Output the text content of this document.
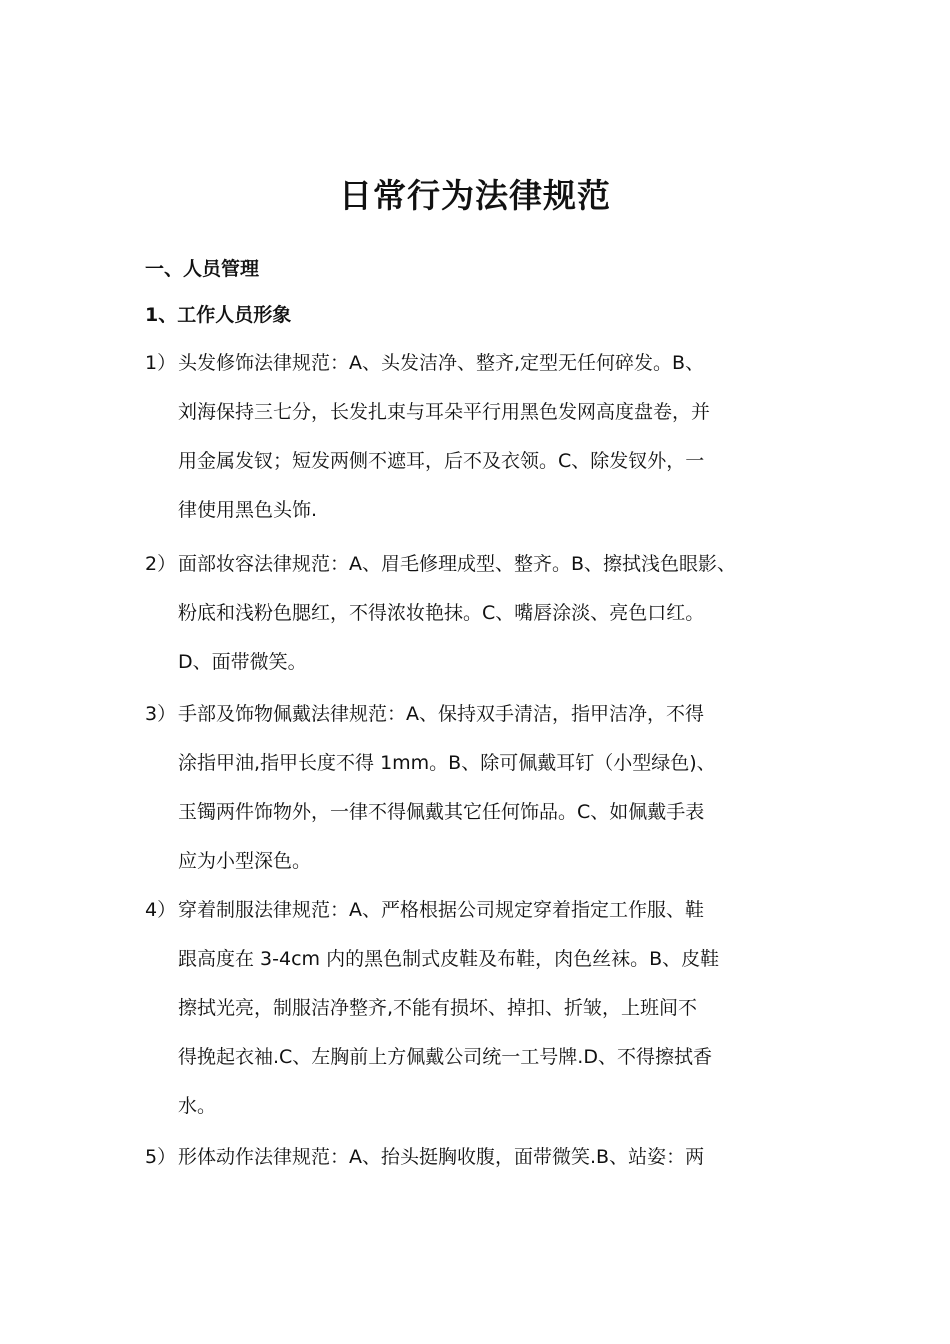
日常行为法律规范

一、人员管理

1、工作人员形象

1） 头发修饰法律规范：A、头发洁净、整齐,定型无任何碎发。B、
刘海保持三七分，长发扎束与耳朵平行用黑色发网高度盘卷，并
用金属发钗；短发两侧不遮耳，后不及衣领。C、除发钗外，一
律使用黑色头饰.
2） 面部妆容法律规范：A、眉毛修理成型、整齐。B、擦拭浅色眼影、
粉底和浅粉色腮红，不得浓妆艳抹。C、嘴唇涂淡、亮色口红。
D、面带微笑。
3） 手部及饰物佩戴法律规范：A、保持双手清洁，指甲洁净，不得
涂指甲油,指甲长度不得 1mm。B、除可佩戴耳钉（小型绿色)、
玉镯两件饰物外，一律不得佩戴其它任何饰品。C、如佩戴手表
应为小型深色。
4） 穿着制服法律规范：A、严格根据公司规定穿着指定工作服、鞋
跟高度在 3-4cm 内的黑色制式皮鞋及布鞋，肉色丝袜。B、皮鞋
擦拭光亮，制服洁净整齐,不能有损坏、掉扣、折皱，上班间不
得挽起衣袖.C、左胸前上方佩戴公司统一工号牌.D、不得擦拭香
水。
5） 形体动作法律规范：A、抬头挺胸收腹，面带微笑.B、站姿：两
